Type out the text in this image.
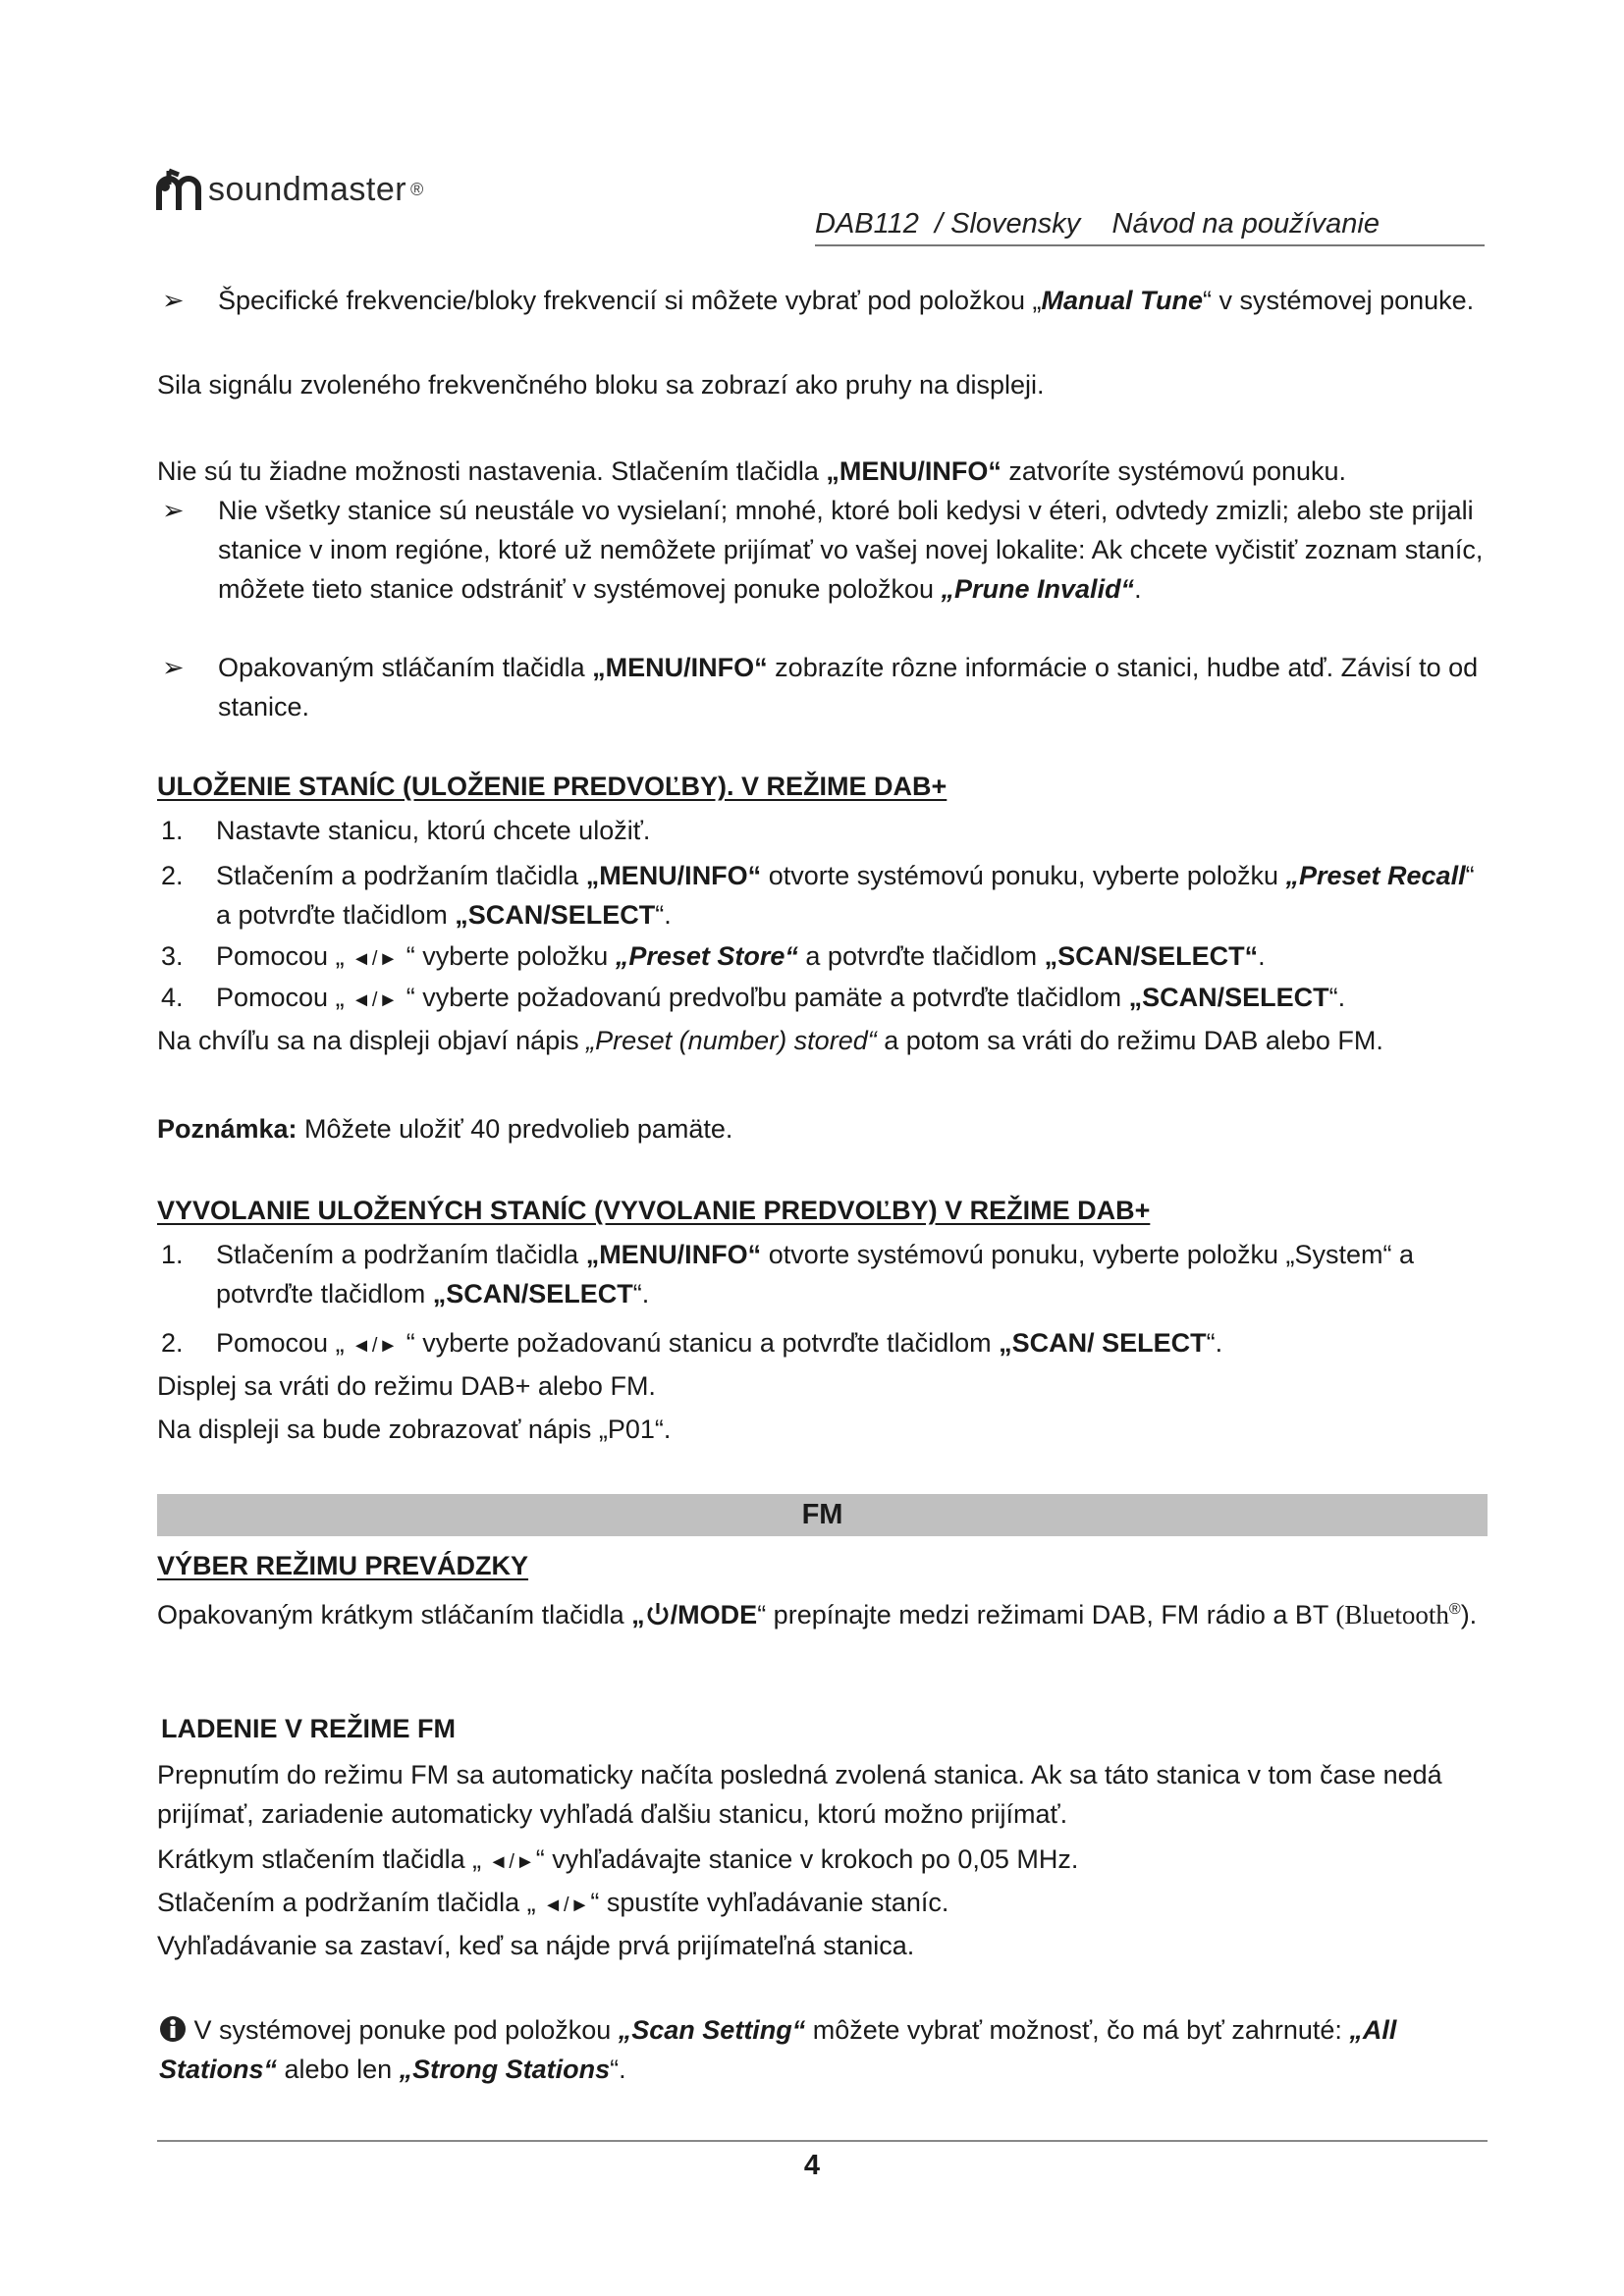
soundmaster ®
DAB112 / Slovensky Návod na používanie
➢ Špecifické frekvencie/bloky frekvencií si môžete vybrať pod položkou „Manual Tune“ v systémovej ponuke.
Sila signálu zvoleného frekvenčného bloku sa zobrazí ako pruhy na displeji.
Nie sú tu žiadne možnosti nastavenia. Stlačením tlačidla „MENU/INFO“ zatvoríte systémovú ponuku.
➢ Nie všetky stanice sú neustále vo vysielaní; mnohé, ktoré boli kedysi v éteri, odvtedy zmizli; alebo ste prijali stanice v inom regióne, ktoré už nemôžete prijímať vo vašej novej lokalite: Ak chcete vyčistiť zoznam staníc, môžete tieto stanice odstrániť v systémovej ponuke položkou „Prune Invalid“.
➢ Opakovaným stláčaním tlačidla „MENU/INFO“ zobrazíte rôzne informácie o stanici, hudbe atď. Závisí to od stanice.
ULOŽENIE STANÍC (ULOŽENIE PREDVOĽBY). V REŽIME DAB+
1. Nastavte stanicu, ktorú chcete uložiť.
2. Stlačením a podržaním tlačidla „MENU/INFO“ otvorte systémovú ponuku, vyberte položku „Preset Recall“ a potvrďte tlačidlom „SCAN/SELECT“.
3. Pomocou „ ◄/► “ vyberte položku „Preset Store“ a potvrďte tlačidlom „SCAN/SELECT“.
4. Pomocou „ ◄/► “ vyberte požadovanú predvoľbu pamäte a potvrďte tlačidlom „SCAN/SELECT“.
Na chvíľu sa na displeji objaví nápis „Preset (number) stored“ a potom sa vráti do režimu DAB alebo FM.
Poznámka: Môžete uložiť 40 predvolieb pamäte.
VYVOLANIE ULOŽENÝCH STANÍC (VYVOLANIE PREDVOĽBY) V REŽIME DAB+
1. Stlačením a podržaním tlačidla „MENU/INFO“ otvorte systémovú ponuku, vyberte položku „System“ a potvrďte tlačidlom „SCAN/SELECT“.
2. Pomocou „ ◄/► “ vyberte požadovanú stanicu a potvrďte tlačidlom „SCAN/ SELECT“.
Displej sa vráti do režimu DAB+ alebo FM.
Na displeji sa bude zobrazovať nápis „P01“.
FM
VÝBER REŽIMU PREVÁDZKY
Opakovaným krátkym stláčaním tlačidla „ /MODE“ prepínajte medzi režimami DAB, FM rádio a BT (Bluetooth®).
LADENIE V REŽIME FM
Prepnutím do režimu FM sa automaticky načíta posledná zvolená stanica. Ak sa táto stanica v tom čase nedá prijímať, zariadenie automaticky vyhľadá ďalšiu stanicu, ktorú možno prijímať.
Krátkym stlačením tlačidla „ ◄/►“ vyhľadávajte stanice v krokoch po 0,05 MHz.
Stlačením a podržaním tlačidla „ ◄/►“ spustíte vyhľadávanie staníc.
Vyhľadávanie sa zastaví, keď sa nájde prvá prijímateľná stanica.
V systémovej ponuke pod položkou „Scan Setting“ môžete vybrať možnosť, čo má byť zahrnuté: „All Stations“ alebo len „Strong Stations“.
4
